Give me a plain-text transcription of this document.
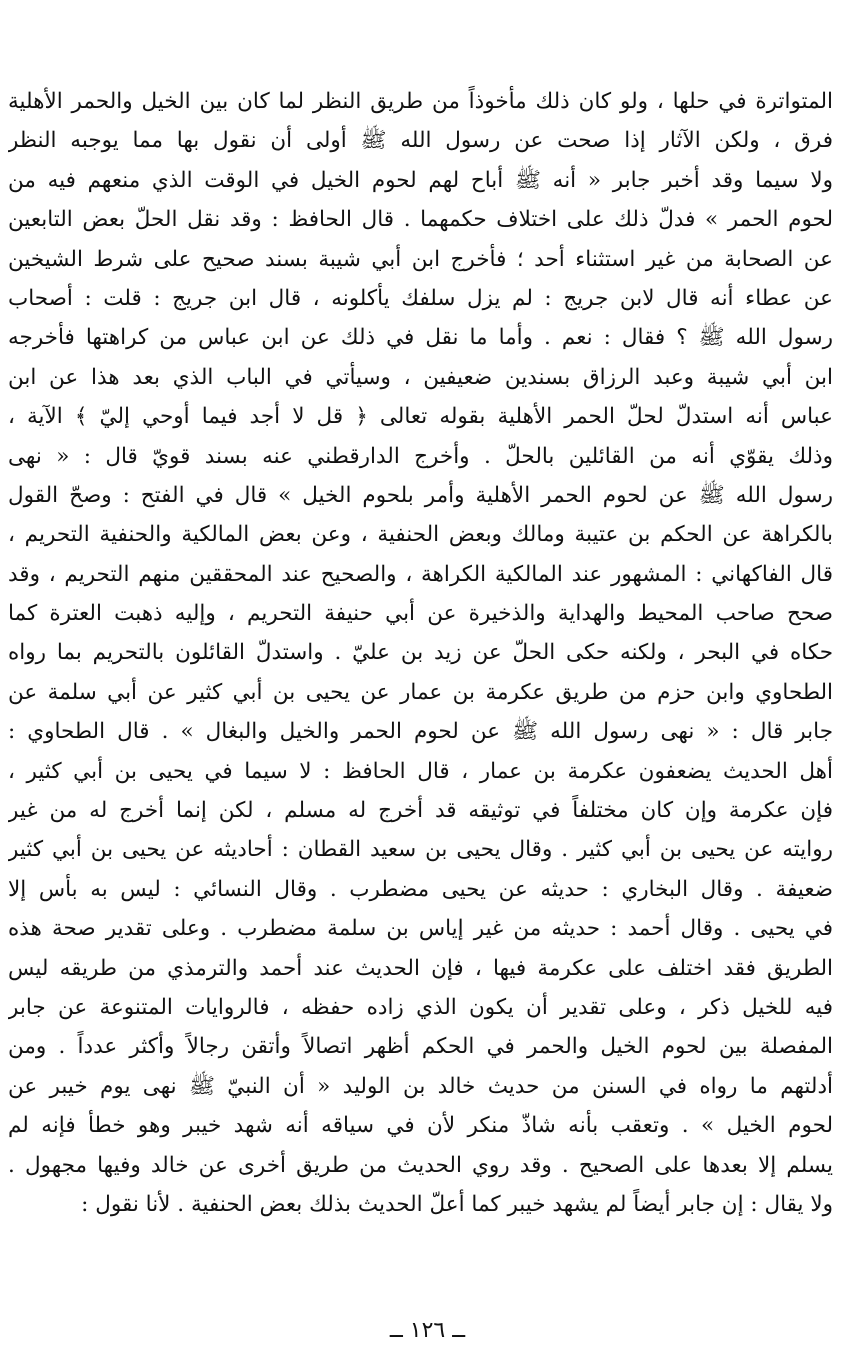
المتواترة في حلها ، ولو كان ذلك مأخوذاً من طريق النظر لما كان بين الخيل والحمر الأهلية
فرق ، ولكن الآثار إذا صحت عن رسول الله ﷺ أولى أن نقول بها مما يوجبه النظر
ولا سيما وقد أخبر جابر « أنه ﷺ أباح لهم لحوم الخيل في الوقت الذي منعهم فيه من
لحوم الحمر » فدلّ ذلك على اختلاف حكمهما . قال الحافظ : وقد نقل الحلّ بعض التابعين
عن الصحابة من غير استثناء أحد ؛ فأخرج ابن أبي شيبة بسند صحيح على شرط الشيخين
عن عطاء أنه قال لابن جريج : لم يزل سلفك يأكلونه ، قال ابن جريج : قلت : أصحاب
رسول الله ﷺ ؟ فقال : نعم . وأما ما نقل في ذلك عن ابن عباس من كراهتها فأخرجه
ابن أبي شيبة وعبد الرزاق بسندين ضعيفين ، وسيأتي في الباب الذي بعد هذا عن ابن
عباس أنه استدلّ لحلّ الحمر الأهلية بقوله تعالى ﴿ قل لا أجد فيما أوحي إليّ ﴾ الآية ،
وذلك يقوّي أنه من القائلين بالحلّ . وأخرج الدارقطني عنه بسند قويّ قال : « نهى
رسول الله ﷺ عن لحوم الحمر الأهلية وأمر بلحوم الخيل » قال في الفتح : وصحّ القول
بالكراهة عن الحكم بن عتيبة ومالك وبعض الحنفية ، وعن بعض المالكية والحنفية التحريم ،
قال الفاكهاني : المشهور عند المالكية الكراهة ، والصحيح عند المحققين منهم التحريم ، وقد
صحح صاحب المحيط والهداية والذخيرة عن أبي حنيفة التحريم ، وإليه ذهبت العترة كما
حكاه في البحر ، ولكنه حكى الحلّ عن زيد بن عليّ . واستدلّ القائلون بالتحريم بما رواه
الطحاوي وابن حزم من طريق عكرمة بن عمار عن يحيى بن أبي كثير عن أبي سلمة عن
جابر قال : « نهى رسول الله ﷺ عن لحوم الحمر والخيل والبغال » . قال الطحاوي :
أهل الحديث يضعفون عكرمة بن عمار ، قال الحافظ : لا سيما في يحيى بن أبي كثير ،
فإن عكرمة وإن كان مختلفاً في توثيقه قد أخرج له مسلم ، لكن إنما أخرج له من غير
روايته عن يحيى بن أبي كثير . وقال يحيى بن سعيد القطان : أحاديثه عن يحيى بن أبي كثير
ضعيفة . وقال البخاري : حديثه عن يحيى مضطرب . وقال النسائي : ليس به بأس إلا
في يحيى . وقال أحمد : حديثه من غير إياس بن سلمة مضطرب . وعلى تقدير صحة هذه
الطريق فقد اختلف على عكرمة فيها ، فإن الحديث عند أحمد والترمذي من طريقه ليس
فيه للخيل ذكر ، وعلى تقدير أن يكون الذي زاده حفظه ، فالروايات المتنوعة عن جابر
المفصلة بين لحوم الخيل والحمر في الحكم أظهر اتصالاً وأتقن رجالاً وأكثر عدداً . ومن
أدلتهم ما رواه في السنن من حديث خالد بن الوليد « أن النبيّ ﷺ نهى يوم خيبر عن
لحوم الخيل » . وتعقب بأنه شاذّ منكر لأن في سياقه أنه شهد خيبر وهو خطأ فإنه لم
يسلم إلا بعدها على الصحيح . وقد روي الحديث من طريق أخرى عن خالد وفيها مجهول .
ولا يقال : إن جابر أيضاً لم يشهد خيبر كما أعلّ الحديث بذلك بعض الحنفية . لأنا نقول :
ــ ١٢٦ ــ
